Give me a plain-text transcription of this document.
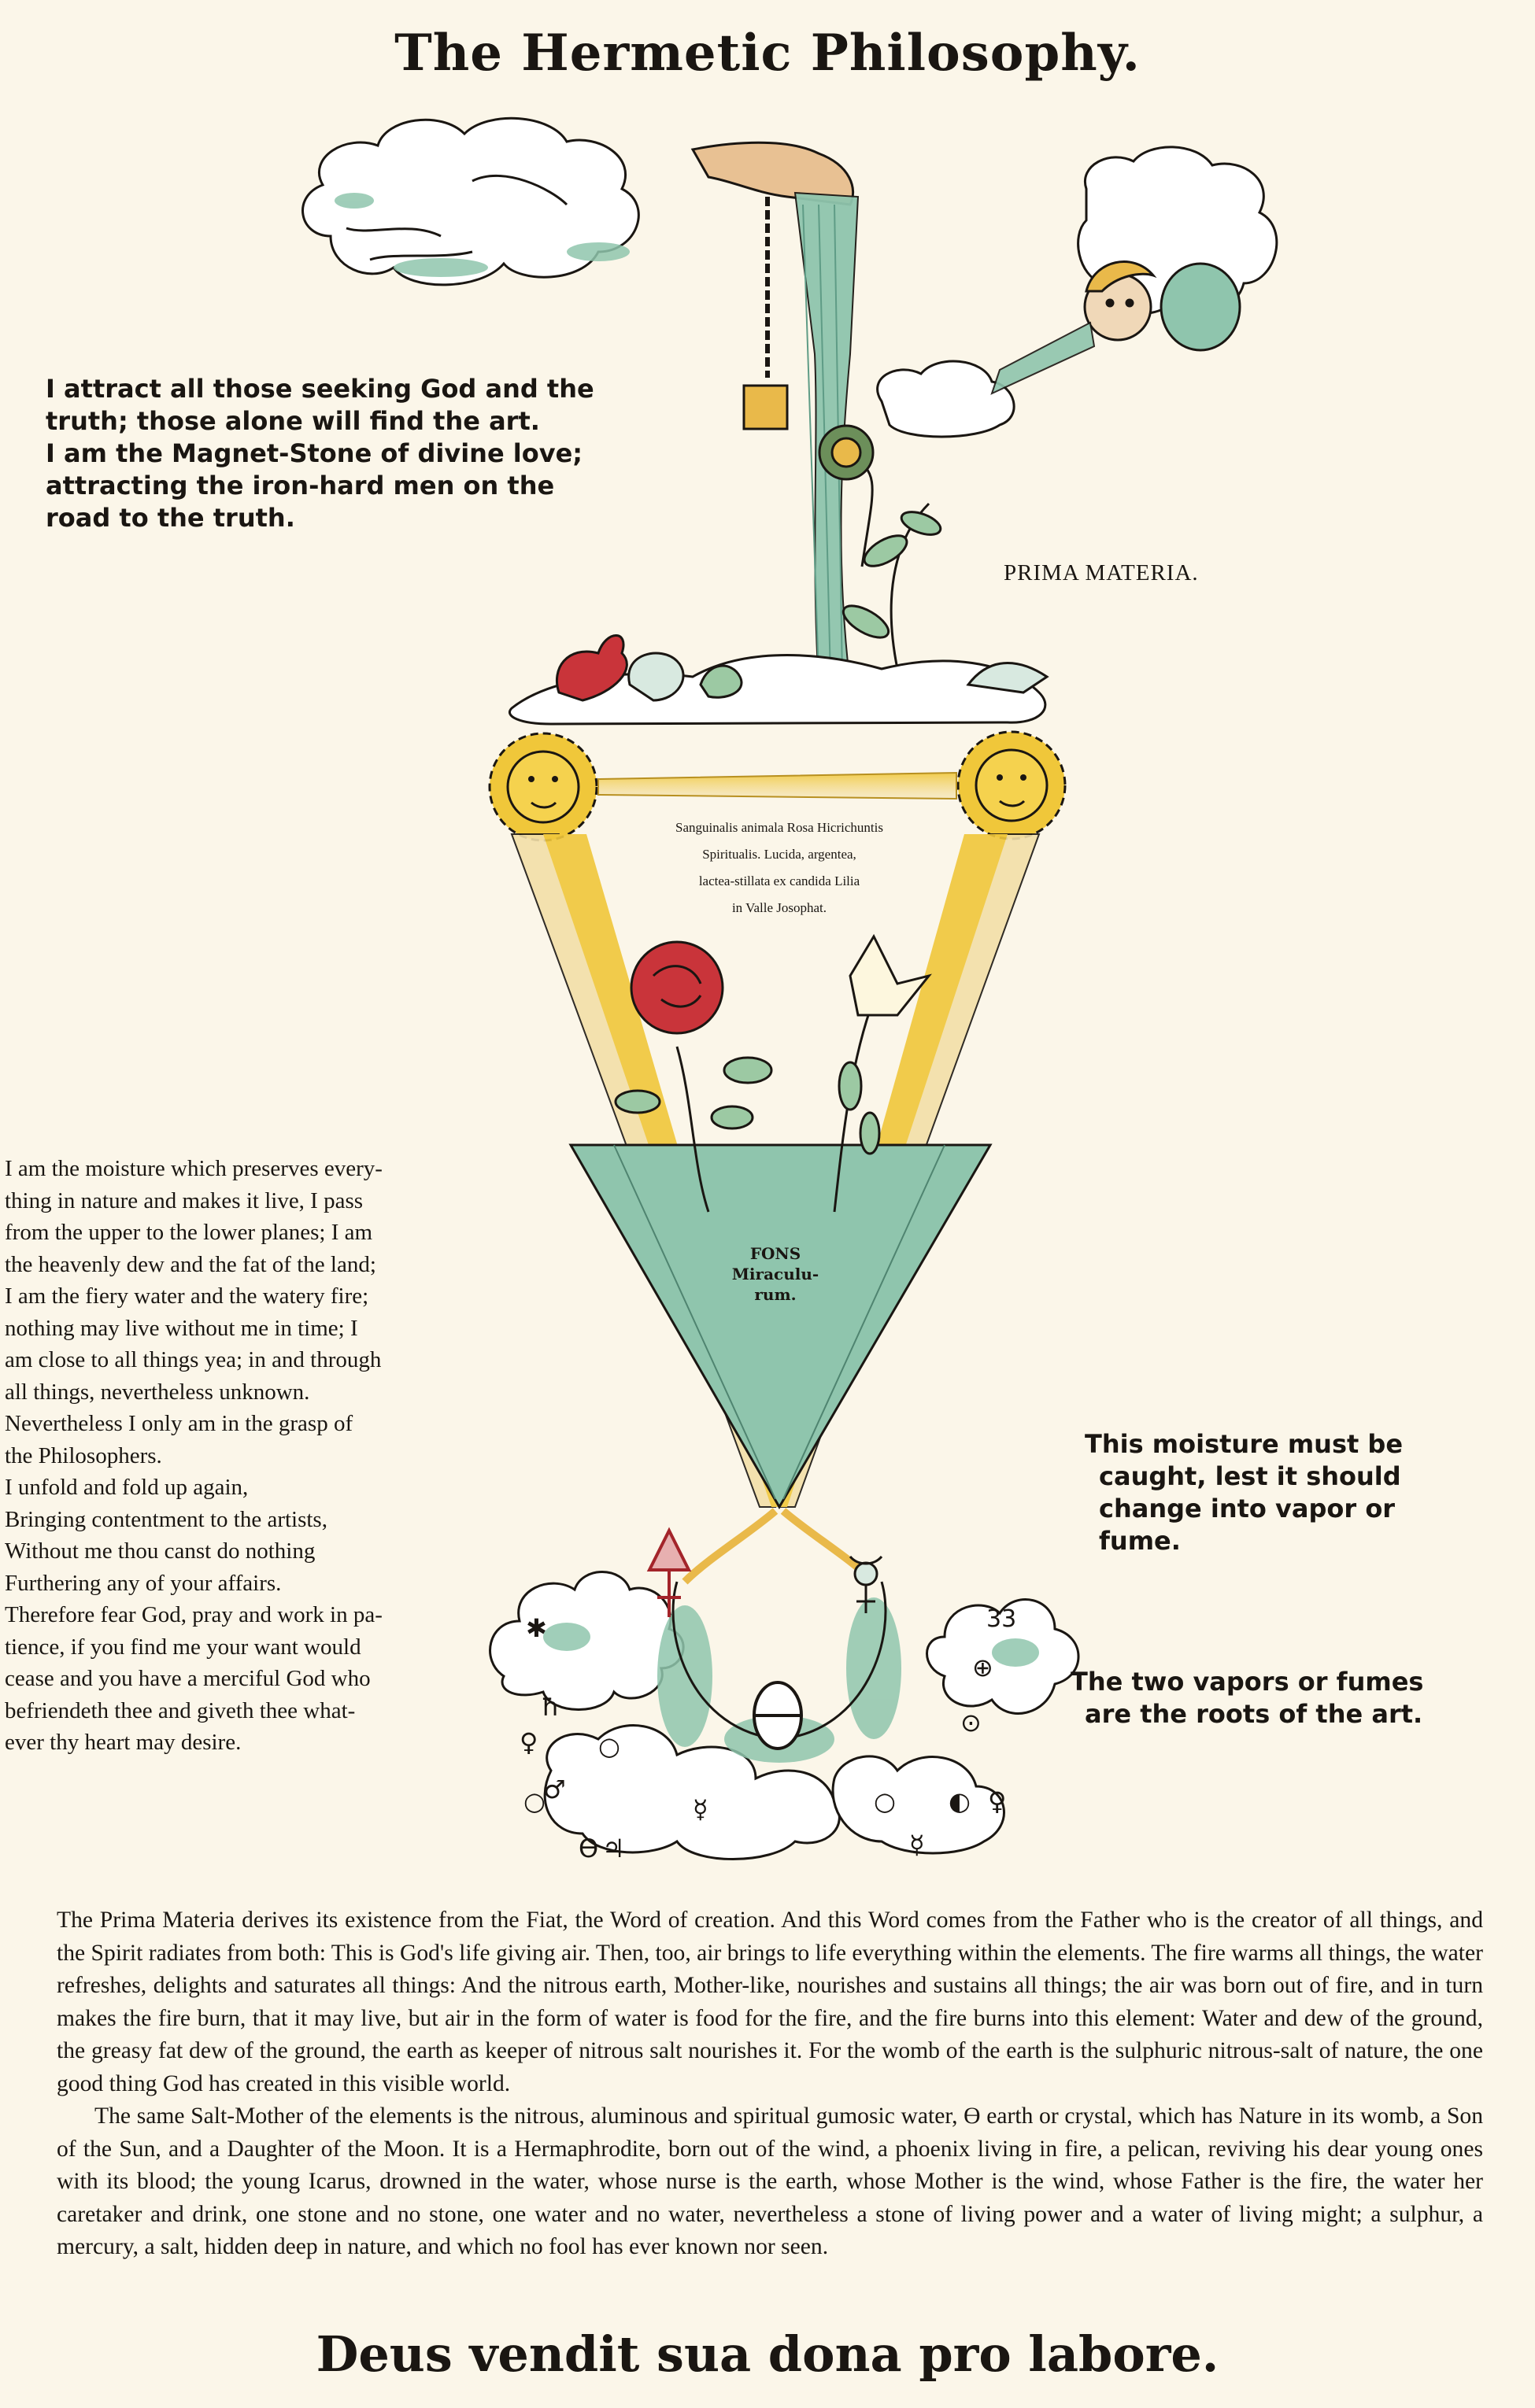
The Hermetic Philosophy.
✱
ħ
♀ ○
○
♂
ϴ ♃
☿	○
☿
⊕
⊙
◐ ♀
33
I attract all those seeking God and the
truth; those alone will find the art.
I am the Magnet-Stone of divine love;
attracting the iron-hard men on the
road to the truth.
PRIMA MATERIA.
Sanguinalis animala Rosa Hicrichuntis
Spiritualis. Lucida, argentea,
lactea-stillata ex candida Lilia
in Valle Josophat.
FONS
Miraculu-
rum.
I am the moisture which preserves every-
thing in nature and makes it live, I pass
from the upper to the lower planes; I am
the heavenly dew and the fat of the land;
I am the fiery water and the watery fire;
nothing may live without me in time; I
am close to all things yea; in and through
all things, nevertheless unknown.
Nevertheless I only am in the grasp of
the Philosophers.
I unfold and fold up again,
Bringing contentment to the artists,
Without me thou canst do nothing
Furthering any of your affairs.
Therefore fear God, pray and work in pa-
tience, if you find me your want would
cease and you have a merciful God who
befriendeth thee and giveth thee what-
ever thy heart may desire.
This moisture must be
caught, lest it should
change into vapor or
fume.
The two vapors or fumes
are the roots of the art.

The Prima Materia derives its existence from the Fiat, the Word of creation. And this Word comes from the Father who is the creator of all things, and the Spirit radiates from both: This is God's life giving air. Then, too, air brings to life everything within the elements. The fire warms all things, the water refreshes, delights and saturates all things: And the nitrous earth, Mother-like, nourishes and sustains all things; the air was born out of fire, and in turn makes the fire burn, that it may live, but air in the form of water is food for the fire, and the fire burns into this element: Water and dew of the ground, the greasy fat dew of the ground, the earth as keeper of nitrous salt nourishes it. For the womb of the earth is the sulphuric nitrous-salt of nature, the one good thing God has created in this visible world.

The same Salt-Mother of the elements is the nitrous, aluminous and spiritual gumosic water, ϴ earth or crystal, which has Nature in its womb, a Son of the Sun, and a Daughter of the Moon. It is a Hermaphrodite, born out of the wind, a phoenix living in fire, a pelican, reviving his dear young ones with its blood; the young Icarus, drowned in the water, whose nurse is the earth, whose Mother is the wind, whose Father is the fire, the water her caretaker and drink, one stone and no stone, one water and no water, nevertheless a stone of living power and a water of living might; a sulphur, a mercury, a salt, hidden deep in nature, and which no fool has ever known nor seen.

Deus vendit sua dona pro labore.
